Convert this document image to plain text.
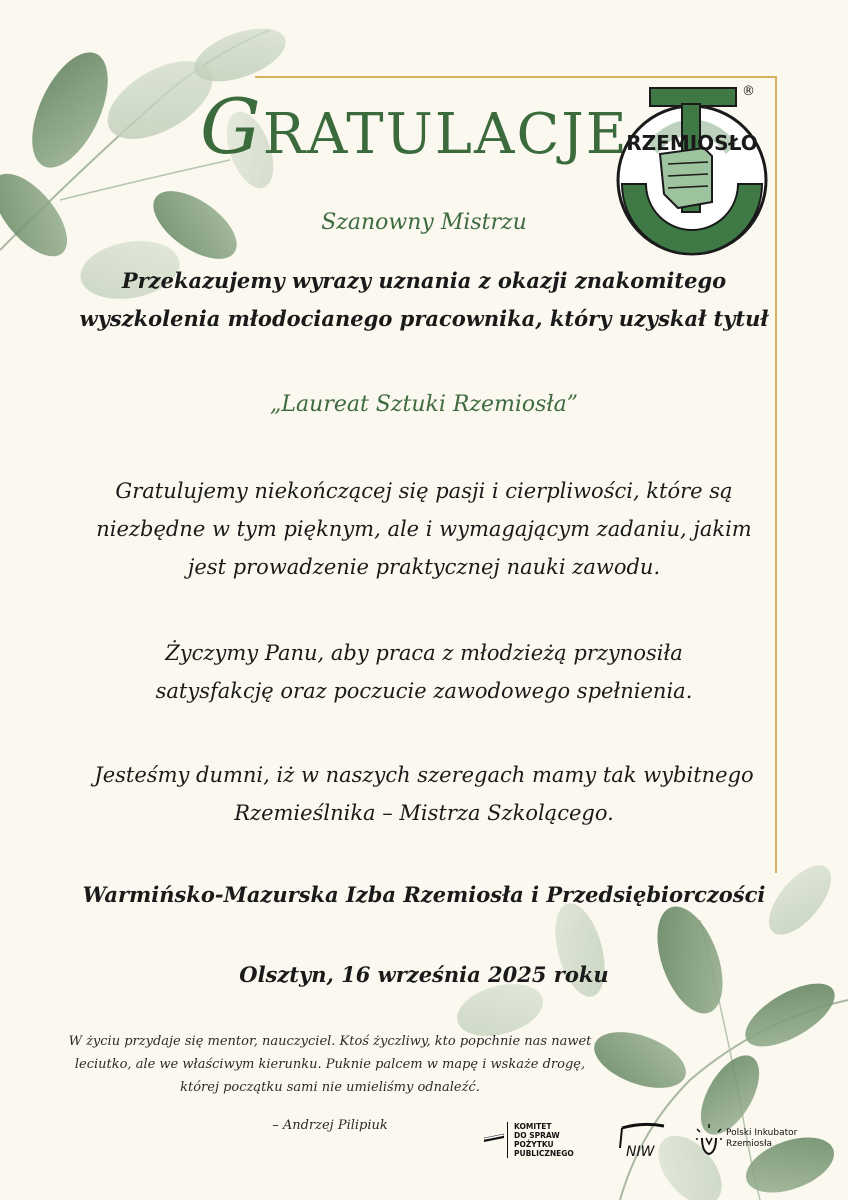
GRATULACJE
RZEMIOSŁO
®

Szanowny Mistrzu

Przekazujemy wyrazy uznania z okazji znakomitego

wyszkolenia młodocianego pracownika, który uzyskał tytuł

„Laureat Sztuki Rzemiosła”

Gratulujemy niekończącej się pasji i cierpliwości, które są

niezbędne w tym pięknym, ale i wymagającym zadaniu, jakim

jest prowadzenie praktycznej nauki zawodu.

Życzymy Panu, aby praca z młodzieżą przynosiła

satysfakcję oraz poczucie zawodowego spełnienia.

Jesteśmy dumni, iż w naszych szeregach mamy tak wybitnego

Rzemieślnika – Mistrza Szkolącego.

Warmińsko-Mazurska Izba Rzemiosła i Przedsiębiorczości

Olsztyn, 16 września 2025 roku

W życiu przydaje się mentor, nauczyciel. Ktoś życzliwy, kto popchnie nas nawet
leciutko, ale we właściwym kierunku. Puknie palcem w mapę i wskaże drogę,
której początku sami nie umieliśmy odnaleźć.
– Andrzej Pilipiuk	KOMITET
DO SPRAW
POŻYTKU
PUBLICZNEGO	NIW
Polski Inkubator
Rzemiosła
